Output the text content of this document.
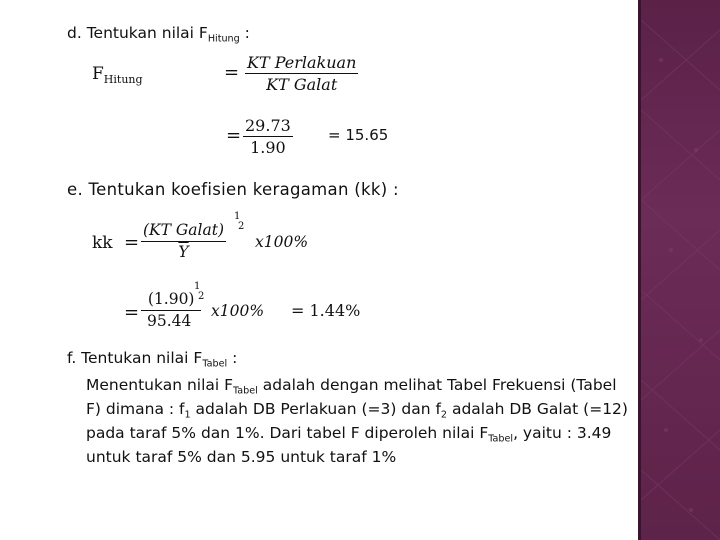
d. Tentukan nilai $F_{Hitung}$ :
$F_{Hitung}$	= KT Perlakuan
KT Galat
= $\frac{29.73}{1.90} = 15.65$
e. Tentukan koefisien keragaman (kk) :
kk =
(KT Galat)
$\overline{Y}$
1
2
x100%
= $\frac{(1.90)}{95.44}$
1
2
x100% = 1.44%
f. Tentukan nilai $F_{Tabel}$ :
Menentukan nilai $F_{Tabel}$ adalah dengan melihat Tabel Frekuensi (Tabel F) dimana : $f_1$ adalah DB Perlakuan (=3) dan $f_2$ adalah DB Galat (=12) pada taraf 5% dan 1%. Dari tabel F diperoleh nilai $F_{Tabel}$, yaitu : 3.49 untuk taraf 5% dan 5.95 untuk taraf 1%
